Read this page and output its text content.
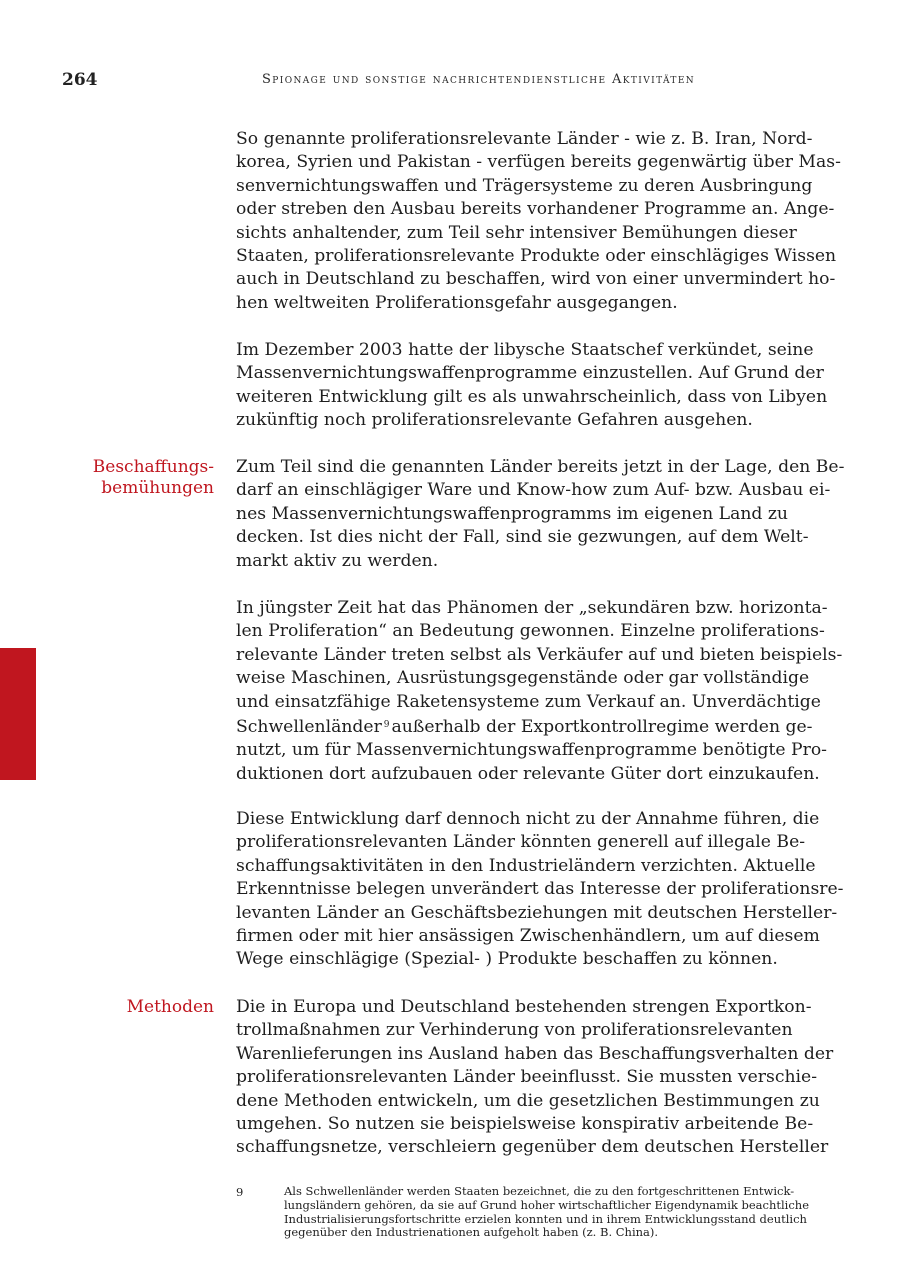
264	Spionage und sonstige nachrichtendienstliche Aktivitäten
So genannte proliferationsrelevante Länder - wie z. B. Iran, Nord-
korea, Syrien und Pakistan - verfügen bereits gegenwärtig über Mas-
senvernichtungswaffen und Trägersysteme zu deren Ausbringung
oder streben den Ausbau bereits vorhandener Programme an. Ange-
sichts anhaltender, zum Teil sehr intensiver Bemühungen dieser
Staaten, proliferationsrelevante Produkte oder einschlägiges Wissen
auch in Deutschland zu beschaffen, wird von einer unvermindert ho-
hen weltweiten Proliferationsgefahr ausgegangen.
Im Dezember 2003 hatte der libysche Staatschef verkündet, seine
Massenvernichtungswaffenprogramme einzustellen. Auf Grund der
weiteren Entwicklung gilt es als unwahrscheinlich, dass von Libyen
zukünftig noch proliferationsrelevante Gefahren ausgehen.
Beschaffungs-
bemühungen
Zum Teil sind die genannten Länder bereits jetzt in der Lage, den Be-
darf an einschlägiger Ware und Know-how zum Auf- bzw. Ausbau ei-
nes Massenvernichtungswaffenprogramms im eigenen Land zu
decken. Ist dies nicht der Fall, sind sie gezwungen, auf dem Welt-
markt aktiv zu werden.
In jüngster Zeit hat das Phänomen der „sekundären bzw. horizonta-
len Proliferation“ an Bedeutung gewonnen. Einzelne proliferations-
relevante Länder treten selbst als Verkäufer auf und bieten beispiels-
weise Maschinen, Ausrüstungsgegenstände oder gar vollständige
und einsatzfähige Raketensysteme zum Verkauf an. Unverdächtige
Schwellenländer $^9$ außerhalb der Exportkontrollregime werden ge-
nutzt, um für Massenvernichtungswaffenprogramme benötigte Pro-
duktionen dort aufzubauen oder relevante Güter dort einzukaufen.
Diese Entwicklung darf dennoch nicht zu der Annahme führen, die
proliferationsrelevanten Länder könnten generell auf illegale Be-
schaffungsaktivitäten in den Industrieländern verzichten. Aktuelle
Erkenntnisse belegen unverändert das Interesse der proliferationsre-
levanten Länder an Geschäftsbeziehungen mit deutschen Hersteller-
firmen oder mit hier ansässigen Zwischenhändlern, um auf diesem
Wege einschlägige (Spezial- ) Produkte beschaffen zu können.
Methoden Die in Europa und Deutschland bestehenden strengen Exportkon-
trollmaßnahmen zur Verhinderung von proliferationsrelevanten
Warenlieferungen ins Ausland haben das Beschaffungsverhalten der
proliferationsrelevanten Länder beeinflusst. Sie mussten verschie-
dene Methoden entwickeln, um die gesetzlichen Bestimmungen zu
umgehen. So nutzen sie beispielsweise konspirativ arbeitende Be-
schaffungsnetze, verschleiern gegenüber dem deutschen Hersteller
9	Als Schwellenländer werden Staaten bezeichnet, die zu den fortgeschrittenen Entwick-
lungsländern gehören, da sie auf Grund hoher wirtschaftlicher Eigendynamik beachtliche
Industrialisierungsfortschritte erzielen konnten und in ihrem Entwicklungsstand deutlich
gegenüber den Industrienationen aufgeholt haben (z. B. China).
